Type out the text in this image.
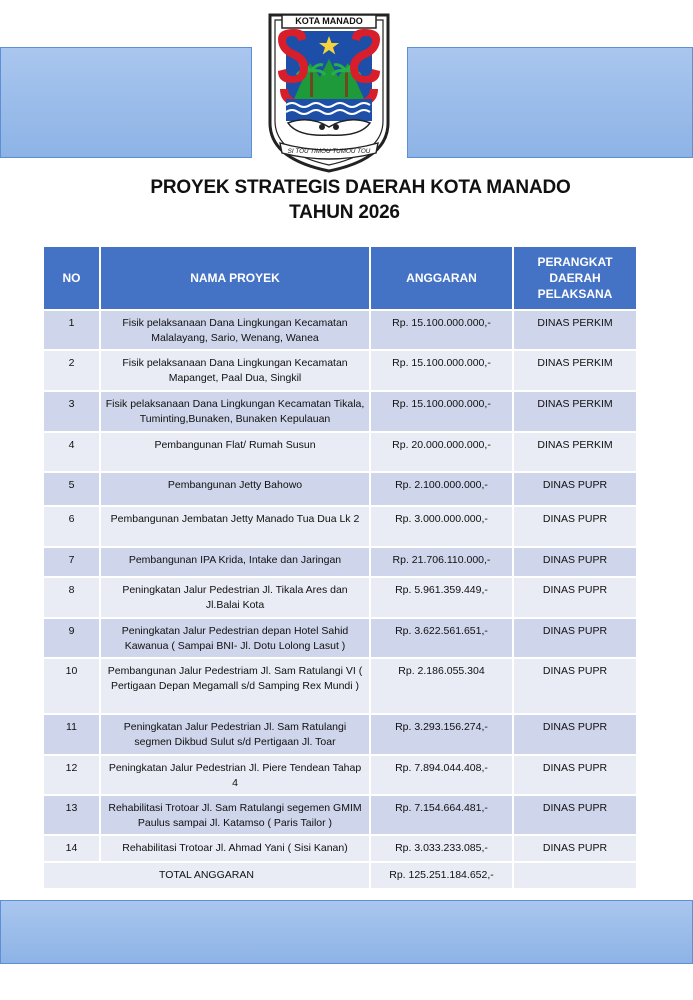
KOTA MANADO
SI TOU TIMOU TUMOU TOU
PROYEK STRATEGIS DAERAH KOTA MANADO
TAHUN 2026
NO	NAMA PROYEK	ANGGARAN	PERANGKAT DAERAH PELAKSANA
1	Fisik pelaksanaan Dana Lingkungan Kecamatan Malalayang, Sario, Wenang, Wanea	Rp. 15.100.000.000,-	DINAS PERKIM
2	Fisik pelaksanaan Dana Lingkungan Kecamatan Mapanget, Paal Dua, Singkil	Rp. 15.100.000.000,-	DINAS PERKIM
3	Fisik pelaksanaan Dana Lingkungan Kecamatan Tikala, Tuminting,Bunaken, Bunaken Kepulauan	Rp. 15.100.000.000,-	DINAS PERKIM
4	Pembangunan Flat/ Rumah Susun	Rp. 20.000.000.000,-	DINAS PERKIM
5	Pembangunan Jetty Bahowo	Rp. 2.100.000.000,-	DINAS PUPR
6	Pembangunan Jembatan Jetty Manado Tua Dua Lk 2	Rp. 3.000.000.000,-	DINAS PUPR
7	Pembangunan IPA Krida, Intake dan Jaringan	Rp. 21.706.110.000,-	DINAS PUPR
8	Peningkatan Jalur Pedestrian Jl. Tikala Ares dan Jl.Balai Kota	Rp. 5.961.359.449,-	DINAS PUPR
9	Peningkatan Jalur Pedestrian depan Hotel Sahid Kawanua ( Sampai BNI- Jl. Dotu Lolong Lasut )	Rp. 3.622.561.651,-	DINAS PUPR
10	Pembangunan Jalur Pedestriam Jl. Sam Ratulangi VI ( Pertigaan Depan Megamall s/d Samping Rex Mundi )	Rp. 2.186.055.304	DINAS PUPR
11	Peningkatan Jalur Pedestrian Jl. Sam Ratulangi segmen Dikbud Sulut s/d Pertigaan Jl. Toar	Rp. 3.293.156.274,-	DINAS PUPR
12	Peningkatan Jalur Pedestrian Jl. Piere Tendean Tahap 4	Rp. 7.894.044.408,-	DINAS PUPR
13	Rehabilitasi Trotoar Jl. Sam Ratulangi segemen GMIM Paulus sampai Jl. Katamso ( Paris Tailor )	Rp. 7.154.664.481,-	DINAS PUPR
14	Rehabilitasi Trotoar Jl. Ahmad Yani ( Sisi Kanan)	Rp. 3.033.233.085,-	DINAS PUPR
TOTAL ANGGARAN		Rp. 125.251.184.652,-	
